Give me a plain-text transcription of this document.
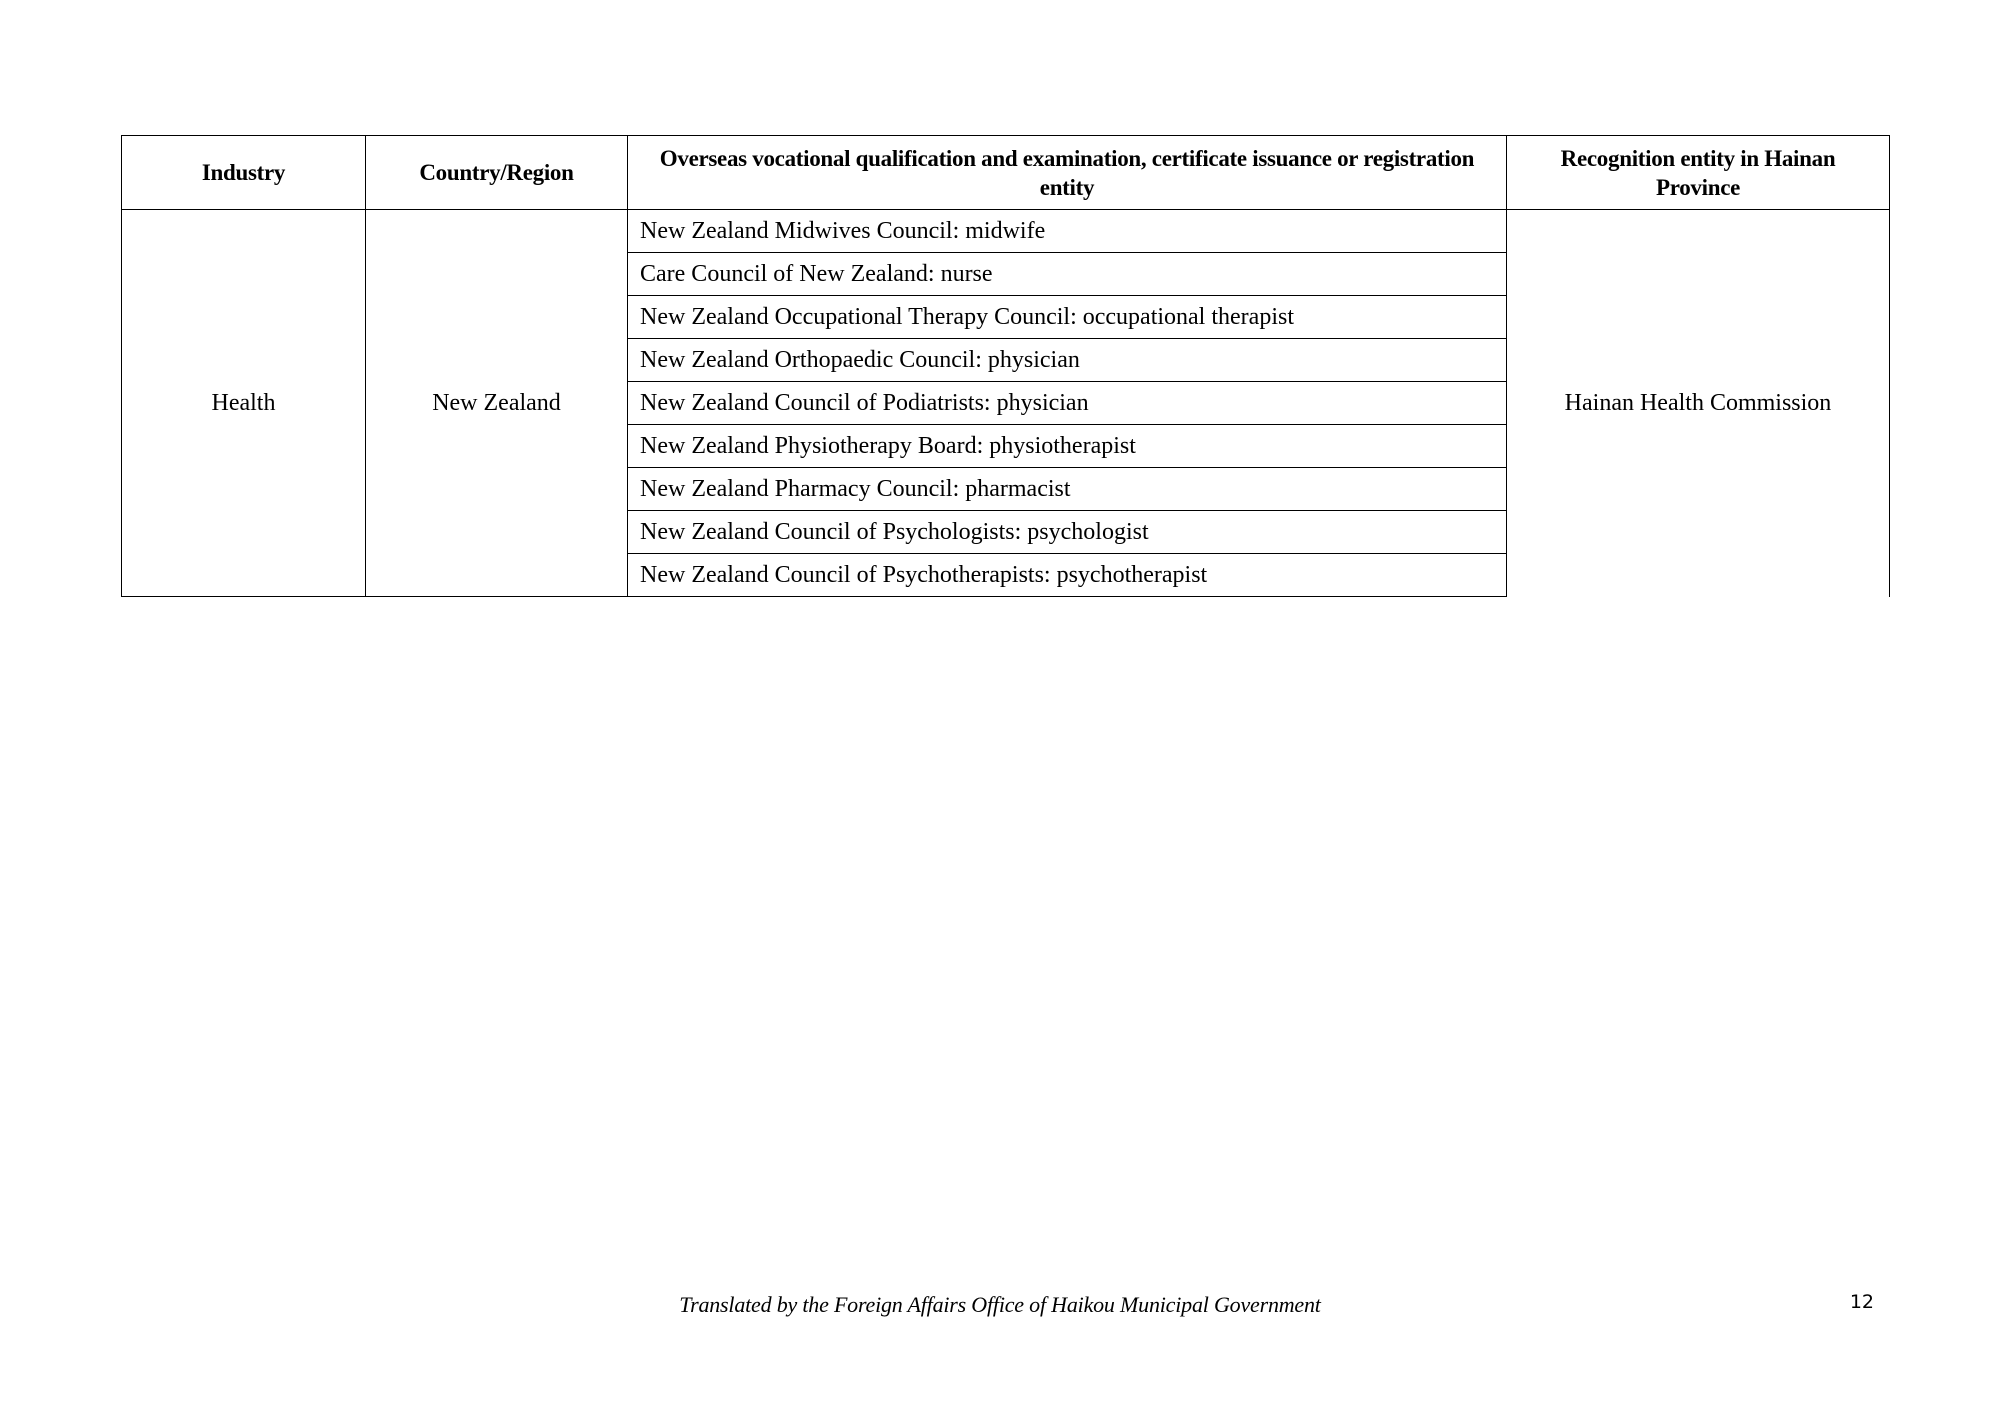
Industry	Country/Region	Overseas vocational qualification and examination, certificate issuance or registration entity	Recognition entity in Hainan Province
Health	New Zealand	New Zealand Midwives Council: midwife	Hainan Health Commission
		Care Council of New Zealand: nurse	
		New Zealand Occupational Therapy Council: occupational therapist	
		New Zealand Orthopaedic Council: physician	
		New Zealand Council of Podiatrists: physician	
		New Zealand Physiotherapy Board: physiotherapist	
		New Zealand Pharmacy Council: pharmacist	
		New Zealand Council of Psychologists: psychologist	
		New Zealand Council of Psychotherapists: psychotherapist	
Translated by the Foreign Affairs Office of Haikou Municipal Government	12
